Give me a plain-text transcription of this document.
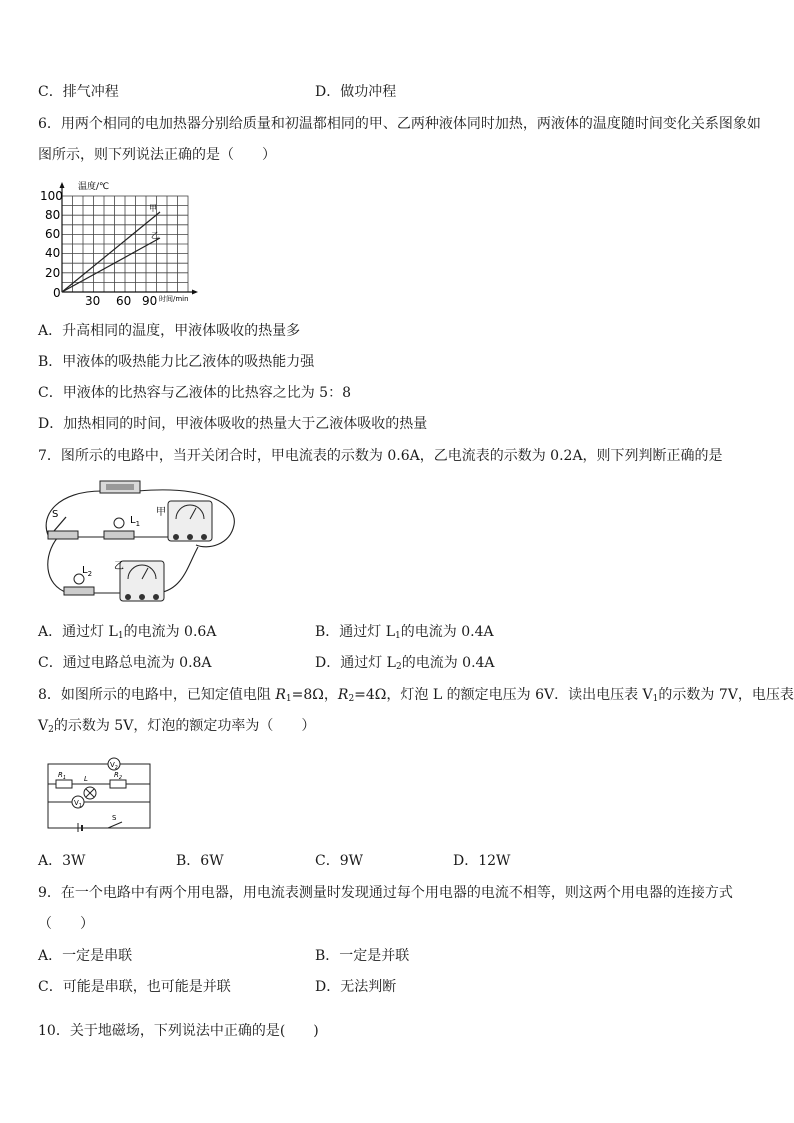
C．排气冲程	D．做功冲程
6．用两个相同的电加热器分别给质量和初温都相同的甲、乙两种液体同时加热，两液体的温度随时间变化关系图象如
图所示，则下列说法正确的是（　　）
温度/℃
时间/min
100
80
60
40
20
0
30 60 90
甲
乙
A．升高相同的温度，甲液体吸收的热量多
B．甲液体的吸热能力比乙液体的吸热能力强
C．甲液体的比热容与乙液体的比热容之比为 5：8
D．加热相同的时间，甲液体吸收的热量大于乙液体吸收的热量
7．图所示的电路中，当开关闭合时，甲电流表的示数为 0.6A，乙电流表的示数为 0.2A，则下列判断正确的是
S
$L_1$
甲
$L_2$
乙
A．通过灯 $L_1$的电流为 0.6A	B．通过灯 $L_1$的电流为 0.4A
C．通过电路总电流为 0.8A	D．通过灯 $L_2$的电流为 0.4A
8．如图所示的电路中，已知定值电阻 $R_1=8\Omega$，$R_2=4\Omega$，灯泡 L 的额定电压为 6V．读出电压表 $V_1$的示数为 7V，电压表
$V_2$的示数为 5V，灯泡的额定功率为（　　）
$V_2$
$R_1$	L	$R_2$
$V_1$
S
A．3W	B．6W	C．9W	D．12W
9．在一个电路中有两个用电器，用电流表测量时发现通过每个用电器的电流不相等，则这两个用电器的连接方式
（　　）
A．一定是串联	B．一定是并联
C．可能是串联，也可能是并联	D．无法判断
10．关于地磁场，下列说法中正确的是(　　)
